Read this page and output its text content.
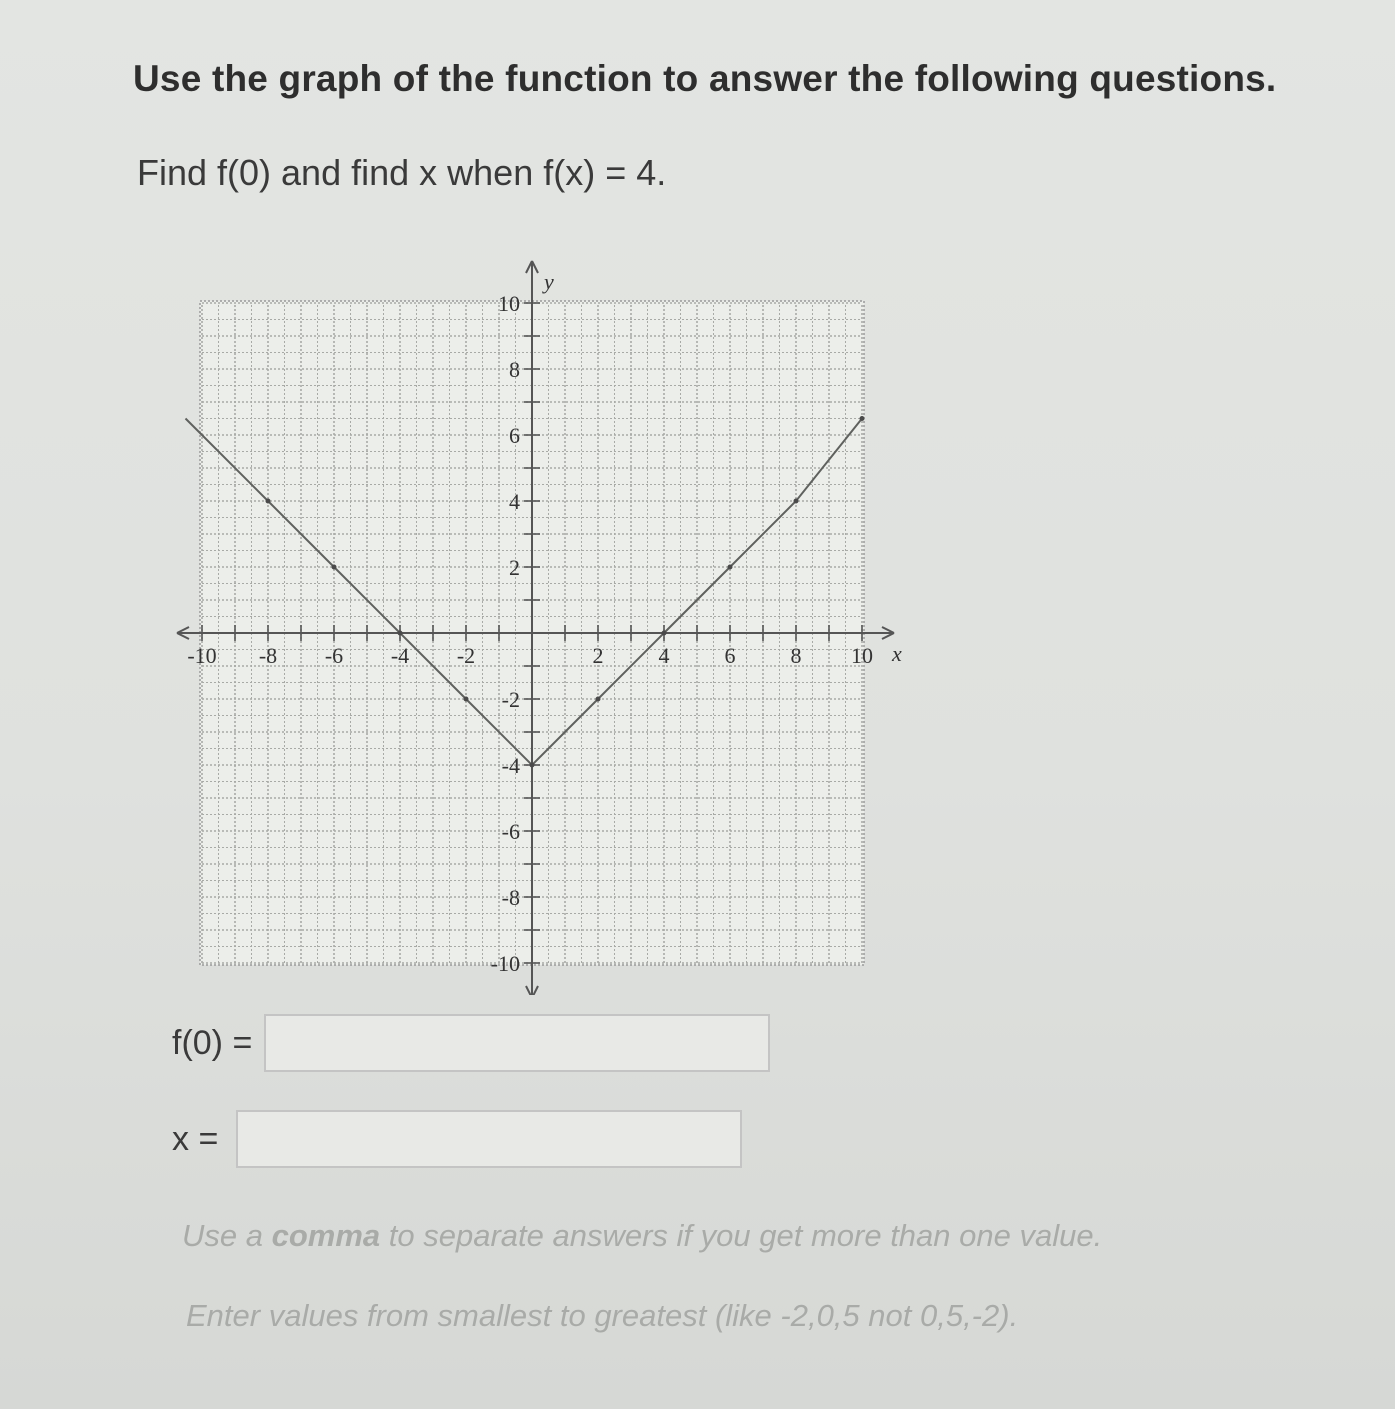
Use the graph of the function to answer the following questions.
Find f(0) and find x when f(x) = 4.
-10 -8 -6 -4 -2	2	4	6	8 10
10
8
6
4
2
-2
-4
-6
-8
-10
x
y
f(0) =
x =
Use a comma to separate answers if you get more than one value.
Enter values from smallest to greatest (like -2,0,5 not 0,5,-2).
